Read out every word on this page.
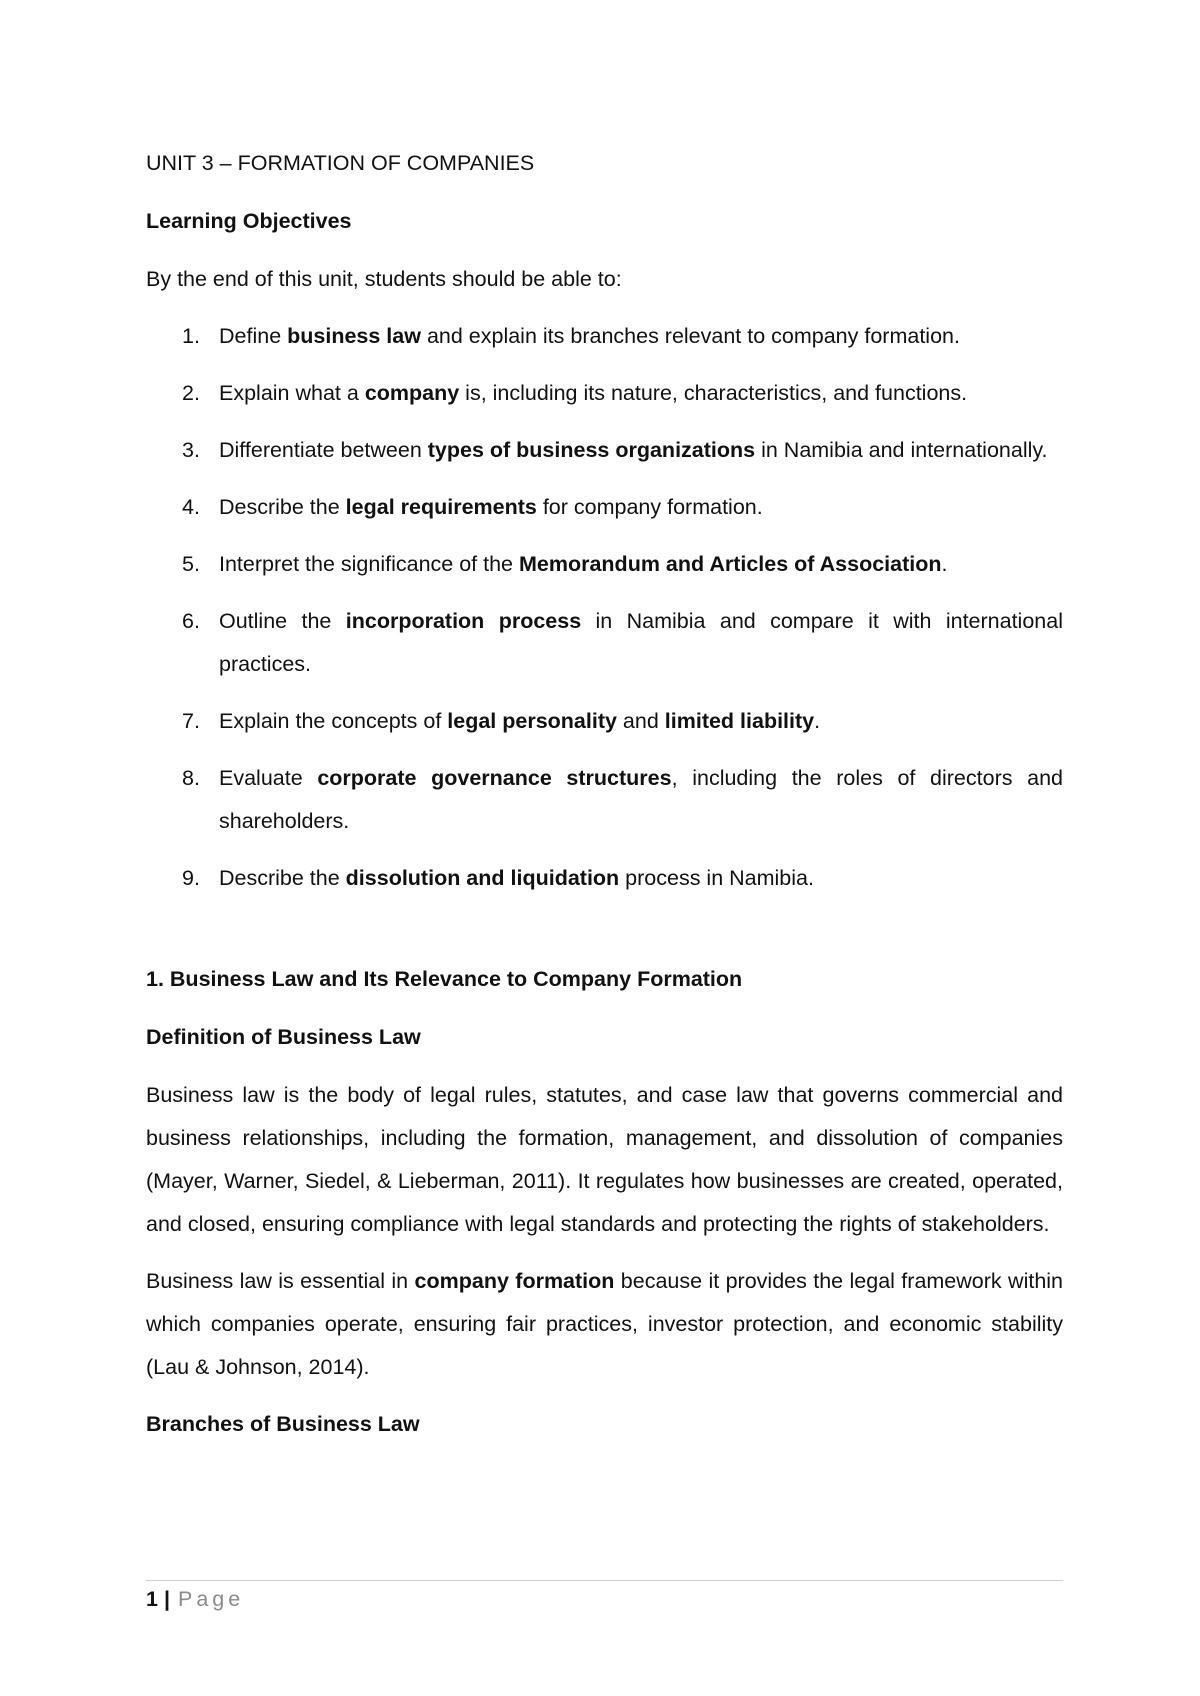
UNIT 3 – FORMATION OF COMPANIES

Learning Objectives

By the end of this unit, students should be able to:

1. Define business law and explain its branches relevant to company formation.
2. Explain what a company is, including its nature, characteristics, and functions.
3. Differentiate between types of business organizations in Namibia and internationally.
4. Describe the legal requirements for company formation.
5. Interpret the significance of the Memorandum and Articles of Association.
6. Outline the incorporation process in Namibia and compare it with international practices.
7. Explain the concepts of legal personality and limited liability.
8. Evaluate corporate governance structures, including the roles of directors and shareholders.
9. Describe the dissolution and liquidation process in Namibia.

1. Business Law and Its Relevance to Company Formation

Definition of Business Law

Business law is the body of legal rules, statutes, and case law that governs commercial and business relationships, including the formation, management, and dissolution of companies (Mayer, Warner, Siedel, & Lieberman, 2011). It regulates how businesses are created, operated, and closed, ensuring compliance with legal standards and protecting the rights of stakeholders.

Business law is essential in company formation because it provides the legal framework within which companies operate, ensuring fair practices, investor protection, and economic stability (Lau & Johnson, 2014).

Branches of Business Law

1 | Page
